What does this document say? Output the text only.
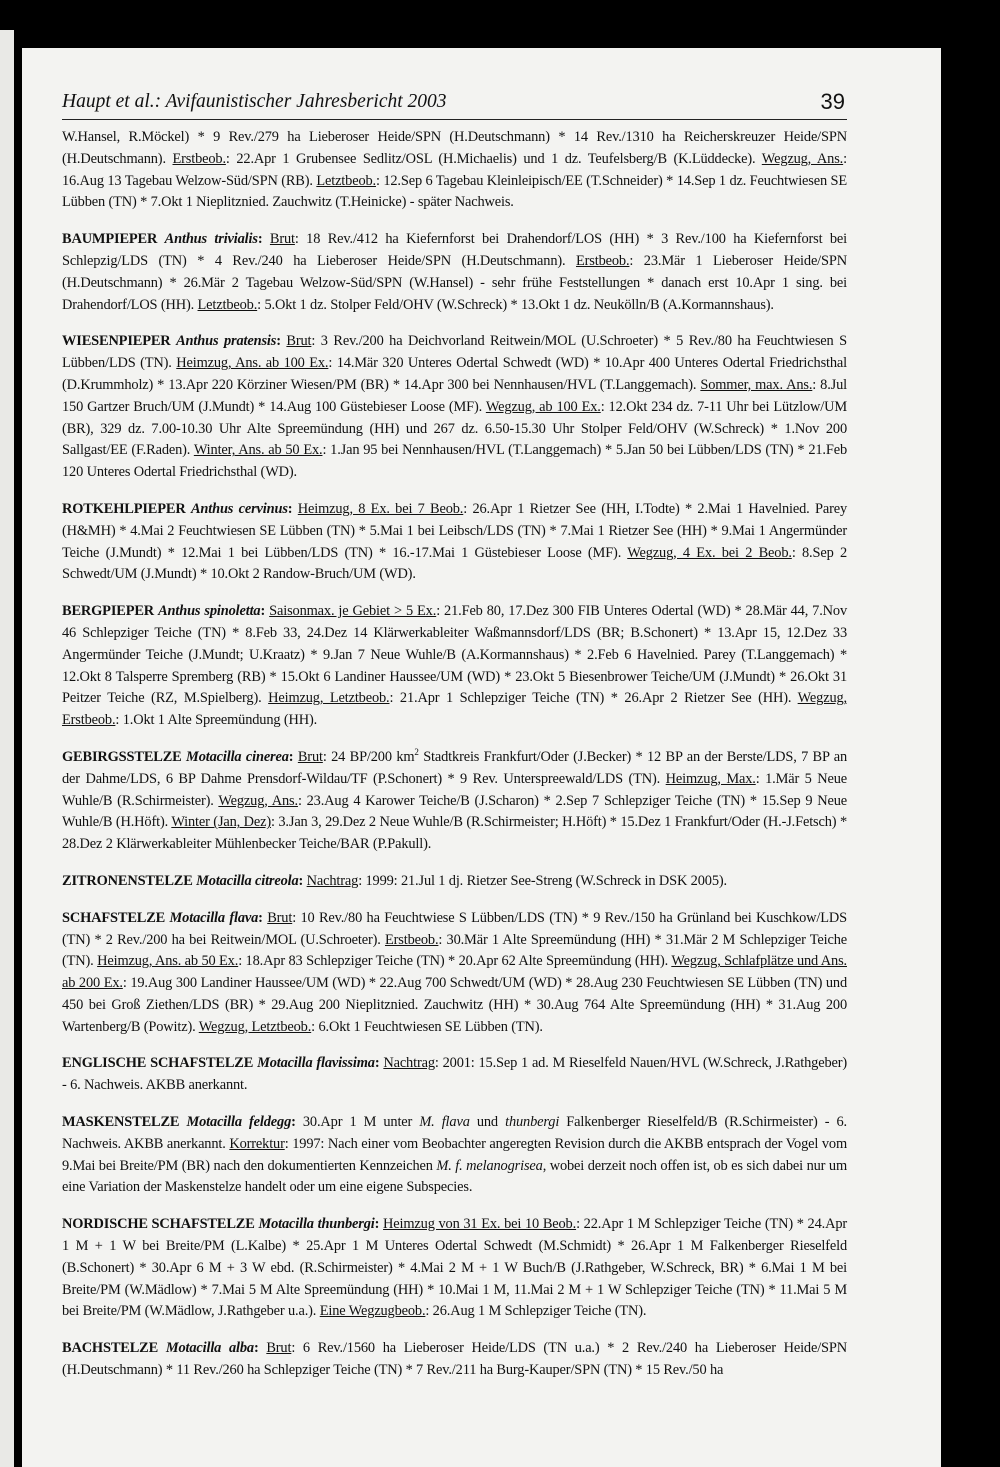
Haupt et al.: Avifaunistischer Jahresbericht 2003	39

W.Hansel, R.Möckel) * 9 Rev./279 ha Lieberoser Heide/SPN (H.Deutschmann) * 14 Rev./1310 ha Reicherskreuzer Heide/SPN (H.Deutschmann). Erstbeob.: 22.Apr 1 Grubensee Sedlitz/OSL (H.Michaelis) und 1 dz. Teufelsberg/B (K.Lüddecke). Wegzug, Ans.: 16.Aug 13 Tagebau Welzow-Süd/SPN (RB). Letztbeob.: 12.Sep 6 Tagebau Kleinleipisch/EE (T.Schneider) * 14.Sep 1 dz. Feuchtwiesen SE Lübben (TN) * 7.Okt 1 Nieplitznied. Zauchwitz (T.Heinicke) - später Nachweis.

BAUMPIEPER Anthus trivialis: Brut: 18 Rev./412 ha Kiefernforst bei Drahendorf/LOS (HH) * 3 Rev./100 ha Kiefernforst bei Schlepzig/LDS (TN) * 4 Rev./240 ha Lieberoser Heide/SPN (H.Deutschmann). Erstbeob.: 23.Mär 1 Lieberoser Heide/SPN (H.Deutschmann) * 26.Mär 2 Tagebau Welzow-Süd/SPN (W.Hansel) - sehr frühe Feststellungen * danach erst 10.Apr 1 sing. bei Drahendorf/LOS (HH). Letztbeob.: 5.Okt 1 dz. Stolper Feld/OHV (W.Schreck) * 13.Okt 1 dz. Neukölln/B (A.Kormannshaus).

WIESENPIEPER Anthus pratensis: Brut: 3 Rev./200 ha Deichvorland Reitwein/MOL (U.Schroeter) * 5 Rev./80 ha Feuchtwiesen S Lübben/LDS (TN). Heimzug, Ans. ab 100 Ex.: 14.Mär 320 Unteres Odertal Schwedt (WD) * 10.Apr 400 Unteres Odertal Friedrichsthal (D.Krummholz) * 13.Apr 220 Körziner Wiesen/PM (BR) * 14.Apr 300 bei Nennhausen/HVL (T.Langgemach). Sommer, max. Ans.: 8.Jul 150 Gartzer Bruch/UM (J.Mundt) * 14.Aug 100 Güstebieser Loose (MF). Wegzug, ab 100 Ex.: 12.Okt 234 dz. 7-11 Uhr bei Lützlow/UM (BR), 329 dz. 7.00-10.30 Uhr Alte Spreemündung (HH) und 267 dz. 6.50-15.30 Uhr Stolper Feld/OHV (W.Schreck) * 1.Nov 200 Sallgast/EE (F.Raden). Winter, Ans. ab 50 Ex.: 1.Jan 95 bei Nennhausen/HVL (T.Langgemach) * 5.Jan 50 bei Lübben/LDS (TN) * 21.Feb 120 Unteres Odertal Friedrichsthal (WD).

ROTKEHLPIEPER Anthus cervinus: Heimzug, 8 Ex. bei 7 Beob.: 26.Apr 1 Rietzer See (HH, I.Todte) * 2.Mai 1 Havelnied. Parey (H&MH) * 4.Mai 2 Feuchtwiesen SE Lübben (TN) * 5.Mai 1 bei Leibsch/LDS (TN) * 7.Mai 1 Rietzer See (HH) * 9.Mai 1 Angermünder Teiche (J.Mundt) * 12.Mai 1 bei Lübben/LDS (TN) * 16.-17.Mai 1 Güstebieser Loose (MF). Wegzug, 4 Ex. bei 2 Beob.: 8.Sep 2 Schwedt/UM (J.Mundt) * 10.Okt 2 Randow-Bruch/UM (WD).

BERGPIEPER Anthus spinoletta: Saisonmax. je Gebiet > 5 Ex.: 21.Feb 80, 17.Dez 300 FIB Unteres Odertal (WD) * 28.Mär 44, 7.Nov 46 Schlepziger Teiche (TN) * 8.Feb 33, 24.Dez 14 Klärwerkableiter Waßmannsdorf/LDS (BR; B.Schonert) * 13.Apr 15, 12.Dez 33 Angermünder Teiche (J.Mundt; U.Kraatz) * 9.Jan 7 Neue Wuhle/B (A.Kormannshaus) * 2.Feb 6 Havelnied. Parey (T.Langgemach) * 12.Okt 8 Talsperre Spremberg (RB) * 15.Okt 6 Landiner Haussee/UM (WD) * 23.Okt 5 Biesenbrower Teiche/UM (J.Mundt) * 26.Okt 31 Peitzer Teiche (RZ, M.Spielberg). Heimzug, Letztbeob.: 21.Apr 1 Schlepziger Teiche (TN) * 26.Apr 2 Rietzer See (HH). Wegzug, Erstbeob.: 1.Okt 1 Alte Spreemündung (HH).

GEBIRGSSTELZE Motacilla cinerea: Brut: 24 BP/200 $km^2$ Stadtkreis Frankfurt/Oder (J.Becker) * 12 BP an der Berste/LDS, 7 BP an der Dahme/LDS, 6 BP Dahme Prensdorf-Wildau/TF (P.Schonert) * 9 Rev. Unterspreewald/LDS (TN). Heimzug, Max.: 1.Mär 5 Neue Wuhle/B (R.Schirmeister). Wegzug, Ans.: 23.Aug 4 Karower Teiche/B (J.Scharon) * 2.Sep 7 Schlepziger Teiche (TN) * 15.Sep 9 Neue Wuhle/B (H.Höft). Winter (Jan, Dez): 3.Jan 3, 29.Dez 2 Neue Wuhle/B (R.Schirmeister; H.Höft) * 15.Dez 1 Frankfurt/Oder (H.-J.Fetsch) * 28.Dez 2 Klärwerkableiter Mühlenbecker Teiche/BAR (P.Pakull).

ZITRONENSTELZE Motacilla citreola: Nachtrag: 1999: 21.Jul 1 dj. Rietzer See-Streng (W.Schreck in DSK 2005).

SCHAFSTELZE Motacilla flava: Brut: 10 Rev./80 ha Feuchtwiese S Lübben/LDS (TN) * 9 Rev./150 ha Grünland bei Kuschkow/LDS (TN) * 2 Rev./200 ha bei Reitwein/MOL (U.Schroeter). Erstbeob.: 30.Mär 1 Alte Spreemündung (HH) * 31.Mär 2 M Schlepziger Teiche (TN). Heimzug, Ans. ab 50 Ex.: 18.Apr 83 Schlepziger Teiche (TN) * 20.Apr 62 Alte Spreemündung (HH). Wegzug, Schlafplätze und Ans. ab 200 Ex.: 19.Aug 300 Landiner Haussee/UM (WD) * 22.Aug 700 Schwedt/UM (WD) * 28.Aug 230 Feuchtwiesen SE Lübben (TN) und 450 bei Groß Ziethen/LDS (BR) * 29.Aug 200 Nieplitznied. Zauchwitz (HH) * 30.Aug 764 Alte Spreemündung (HH) * 31.Aug 200 Wartenberg/B (Powitz). Wegzug, Letztbeob.: 6.Okt 1 Feuchtwiesen SE Lübben (TN).

ENGLISCHE SCHAFSTELZE Motacilla flavissima: Nachtrag: 2001: 15.Sep 1 ad. M Rieselfeld Nauen/HVL (W.Schreck, J.Rathgeber) - 6. Nachweis. AKBB anerkannt.

MASKENSTELZE Motacilla feldegg: 30.Apr 1 M unter M. flava und thunbergi Falkenberger Rieselfeld/B (R.Schirmeister) - 6. Nachweis. AKBB anerkannt. Korrektur: 1997: Nach einer vom Beobachter angeregten Revision durch die AKBB entsprach der Vogel vom 9.Mai bei Breite/PM (BR) nach den dokumentierten Kennzeichen M. f. melanogrisea, wobei derzeit noch offen ist, ob es sich dabei nur um eine Variation der Maskenstelze handelt oder um eine eigene Subspecies.

NORDISCHE SCHAFSTELZE Motacilla thunbergi: Heimzug von 31 Ex. bei 10 Beob.: 22.Apr 1 M Schlepziger Teiche (TN) * 24.Apr 1 M + 1 W bei Breite/PM (L.Kalbe) * 25.Apr 1 M Unteres Odertal Schwedt (M.Schmidt) * 26.Apr 1 M Falkenberger Rieselfeld (B.Schonert) * 30.Apr 6 M + 3 W ebd. (R.Schirmeister) * 4.Mai 2 M + 1 W Buch/B (J.Rathgeber, W.Schreck, BR) * 6.Mai 1 M bei Breite/PM (W.Mädlow) * 7.Mai 5 M Alte Spreemündung (HH) * 10.Mai 1 M, 11.Mai 2 M + 1 W Schlepziger Teiche (TN) * 11.Mai 5 M bei Breite/PM (W.Mädlow, J.Rathgeber u.a.). Eine Wegzugbeob.: 26.Aug 1 M Schlepziger Teiche (TN).

BACHSTELZE Motacilla alba: Brut: 6 Rev./1560 ha Lieberoser Heide/LDS (TN u.a.) * 2 Rev./240 ha Lieberoser Heide/SPN (H.Deutschmann) * 11 Rev./260 ha Schlepziger Teiche (TN) * 7 Rev./211 ha Burg-Kauper/SPN (TN) * 15 Rev./50 ha
